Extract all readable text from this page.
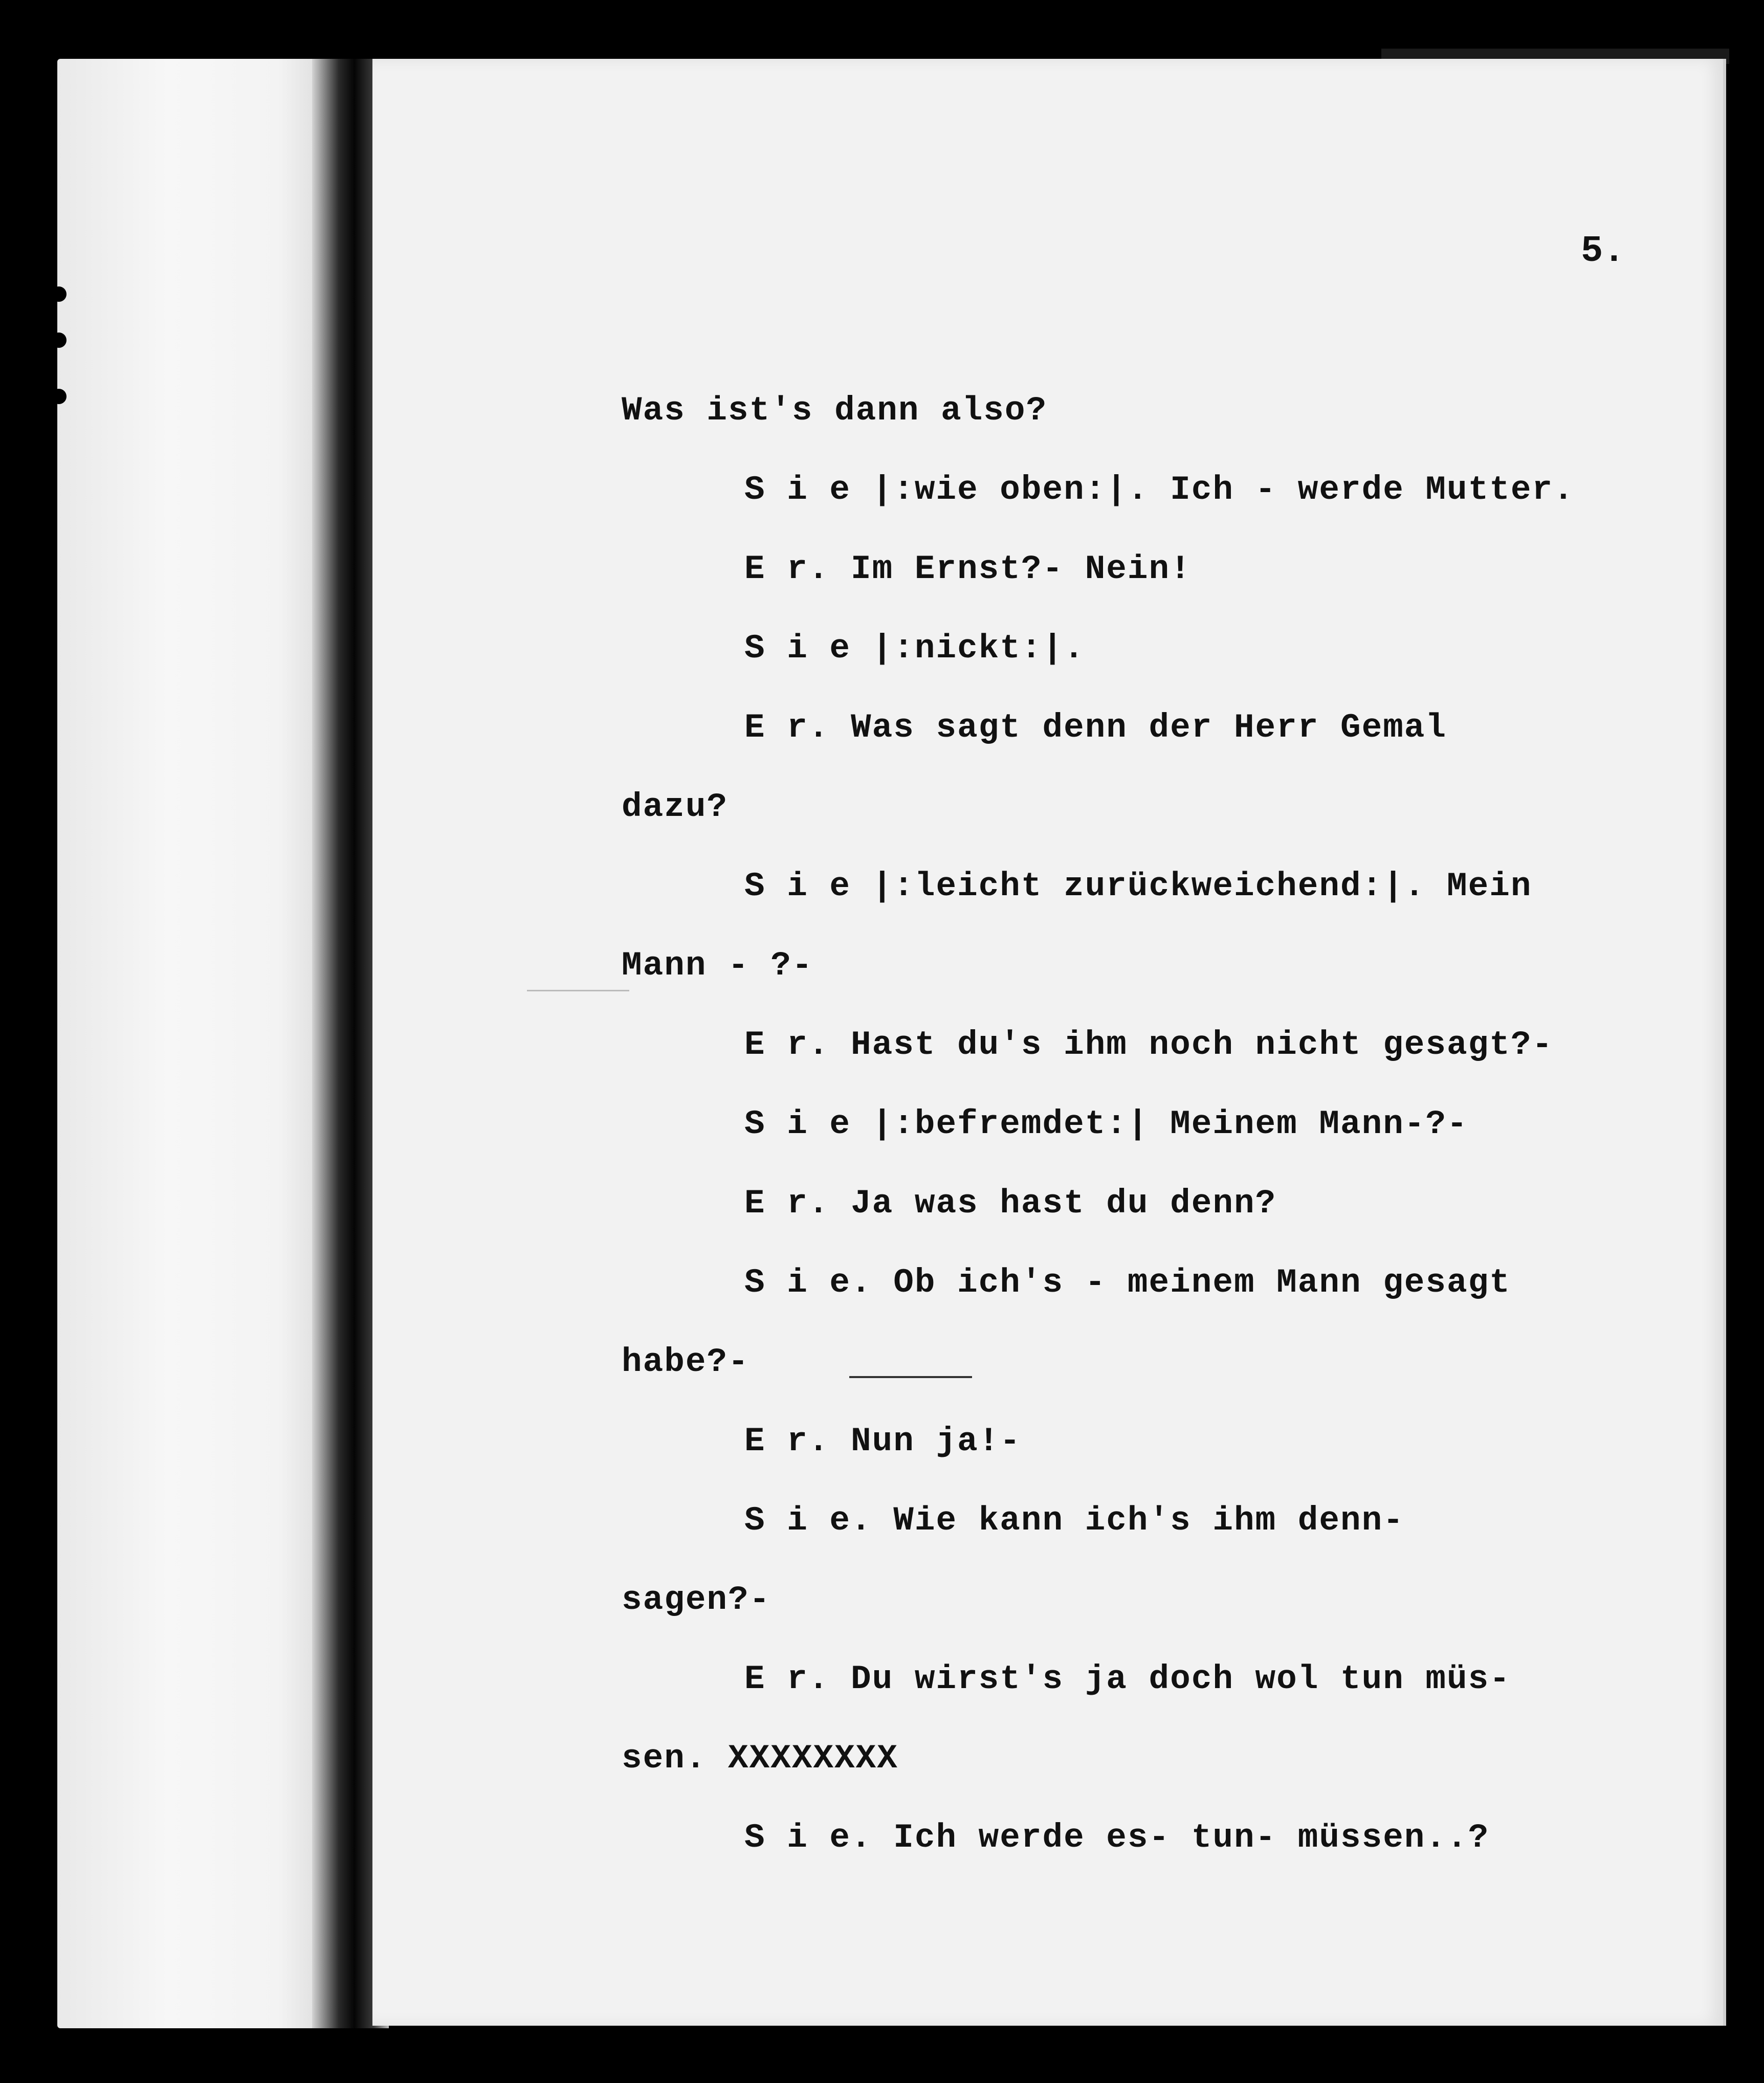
5.
Was ist's dann also?
S i e |:wie oben:|. Ich - werde Mutter.
E r. Im Ernst?- Nein!
S i e |:nickt:|.
E r. Was sagt denn der Herr Gemal
dazu?
S i e |:leicht zurückweichend:|. Mein
Mann - ?-
E r. Hast du's ihm noch nicht gesagt?-
S i e |:befremdet:| Meinem Mann-?-
E r. Ja was hast du denn?
S i e. Ob ich's - meinem Mann gesagt
habe?-
E r. Nun ja!-
S i e. Wie kann ich's ihm denn-
sagen?-
E r. Du wirst's ja doch wol tun müs-
sen. XXXXXXXX
S i e. Ich werde es- tun- müssen..?
